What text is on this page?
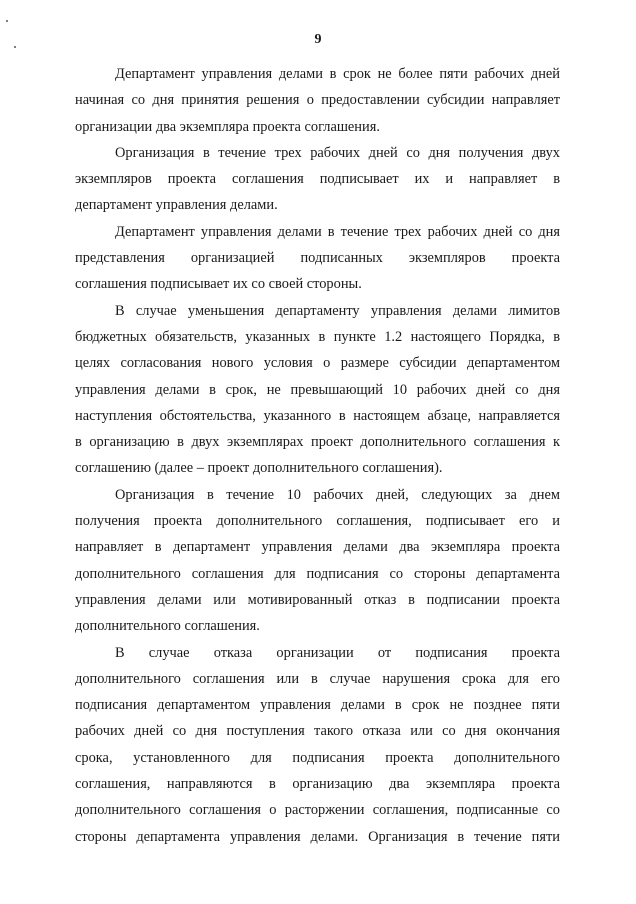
9

Департамент управления делами в срок не более пяти рабочих дней
начиная со дня принятия решения о предоставлении субсидии направляет
организации два экземпляра проекта соглашения.

Организация в течение трех рабочих дней со дня получения двух
экземпляров проекта соглашения подписывает их и направляет в
департамент управления делами.

Департамент управления делами в течение трех рабочих дней со дня
представления организацией подписанных экземпляров проекта
соглашения подписывает их со своей стороны.

В случае уменьшения департаменту управления делами лимитов
бюджетных обязательств, указанных в пункте 1.2 настоящего Порядка, в
целях согласования нового условия о размере субсидии департаментом
управления делами в срок, не превышающий 10 рабочих дней со дня
наступления обстоятельства, указанного в настоящем абзаце, направляется
в организацию в двух экземплярах проект дополнительного соглашения к
соглашению (далее – проект дополнительного соглашения).

Организация в течение 10 рабочих дней, следующих за днем
получения проекта дополнительного соглашения, подписывает его и
направляет в департамент управления делами два экземпляра проекта
дополнительного соглашения для подписания со стороны департамента
управления делами или мотивированный отказ в подписании проекта
дополнительного соглашения.

В случае отказа организации от подписания проекта
дополнительного соглашения или в случае нарушения срока для его
подписания департаментом управления делами в срок не позднее пяти
рабочих дней со дня поступления такого отказа или со дня окончания
срока, установленного для подписания проекта дополнительного
соглашения, направляются в организацию два экземпляра проекта
дополнительного соглашения о расторжении соглашения, подписанные со
стороны департамента управления делами. Организация в течение пяти
